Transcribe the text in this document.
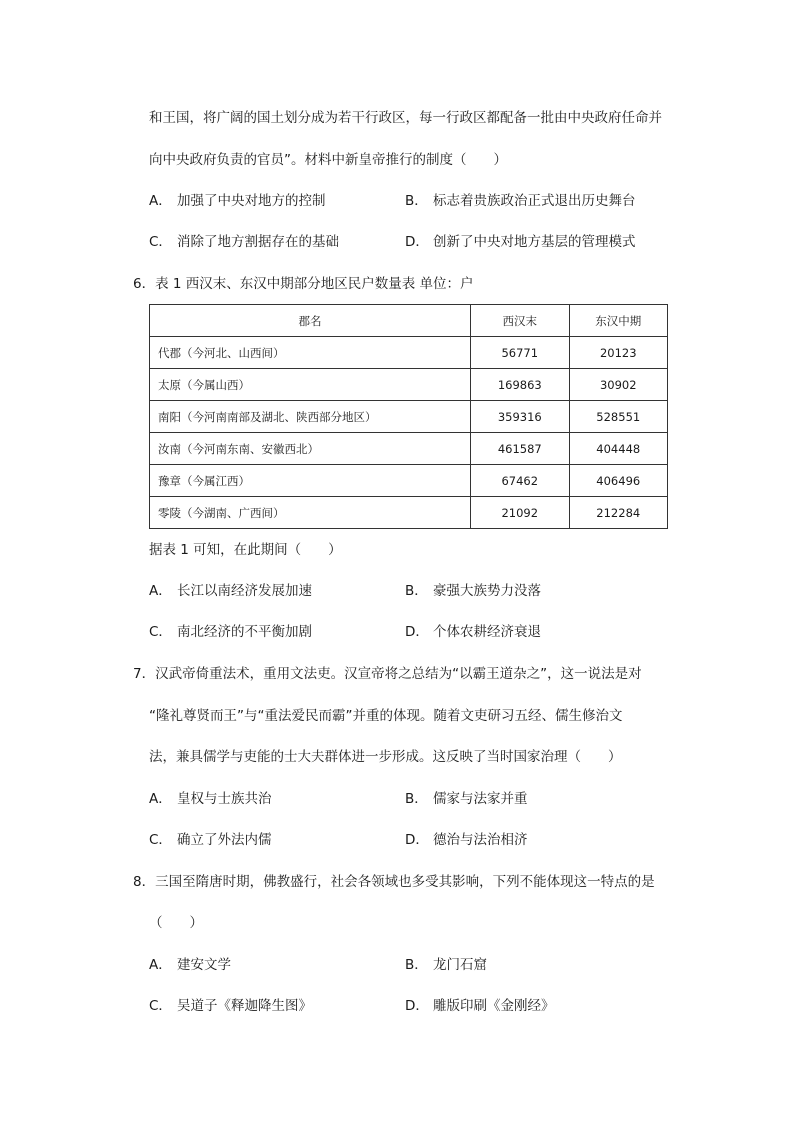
和王国，将广阔的国土划分成为若干行政区，每一行政区都配备一批由中央政府任命并
向中央政府负责的官员”。材料中新皇帝推行的制度（　　）
A． 加强了中央对地方的控制	B． 标志着贵族政治正式退出历史舞台
C． 消除了地方割据存在的基础	D． 创新了中央对地方基层的管理模式
6．表 1 西汉末、东汉中期部分地区民户数量表 单位：户
郡名	西汉末	东汉中期
代郡（今河北、山西间）	56771	20123
太原（今属山西）	169863	30902
南阳（今河南南部及湖北、陕西部分地区）	359316	528551
汝南（今河南东南、安徽西北）	461587	404448
豫章（今属江西）	67462	406496
零陵（今湖南、广西间）	21092	212284
据表 1 可知，在此期间（　　）
A． 长江以南经济发展加速	B． 豪强大族势力没落
C． 南北经济的不平衡加剧	D． 个体农耕经济衰退
7．汉武帝倚重法术，重用文法吏。汉宣帝将之总结为“以霸王道杂之”，这一说法是对
“隆礼尊贤而王”与“重法爱民而霸”并重的体现。随着文吏研习五经、儒生修治文
法，兼具儒学与吏能的士大夫群体进一步形成。这反映了当时国家治理（　　）
A． 皇权与士族共治	B． 儒家与法家并重
C． 确立了外法内儒	D． 德治与法治相济
8．三国至隋唐时期，佛教盛行，社会各领域也多受其影响，下列不能体现这一特点的是
（　　）
A． 建安文学	B． 龙门石窟
C． 吴道子《释迦降生图》	D． 雕版印刷《金刚经》
